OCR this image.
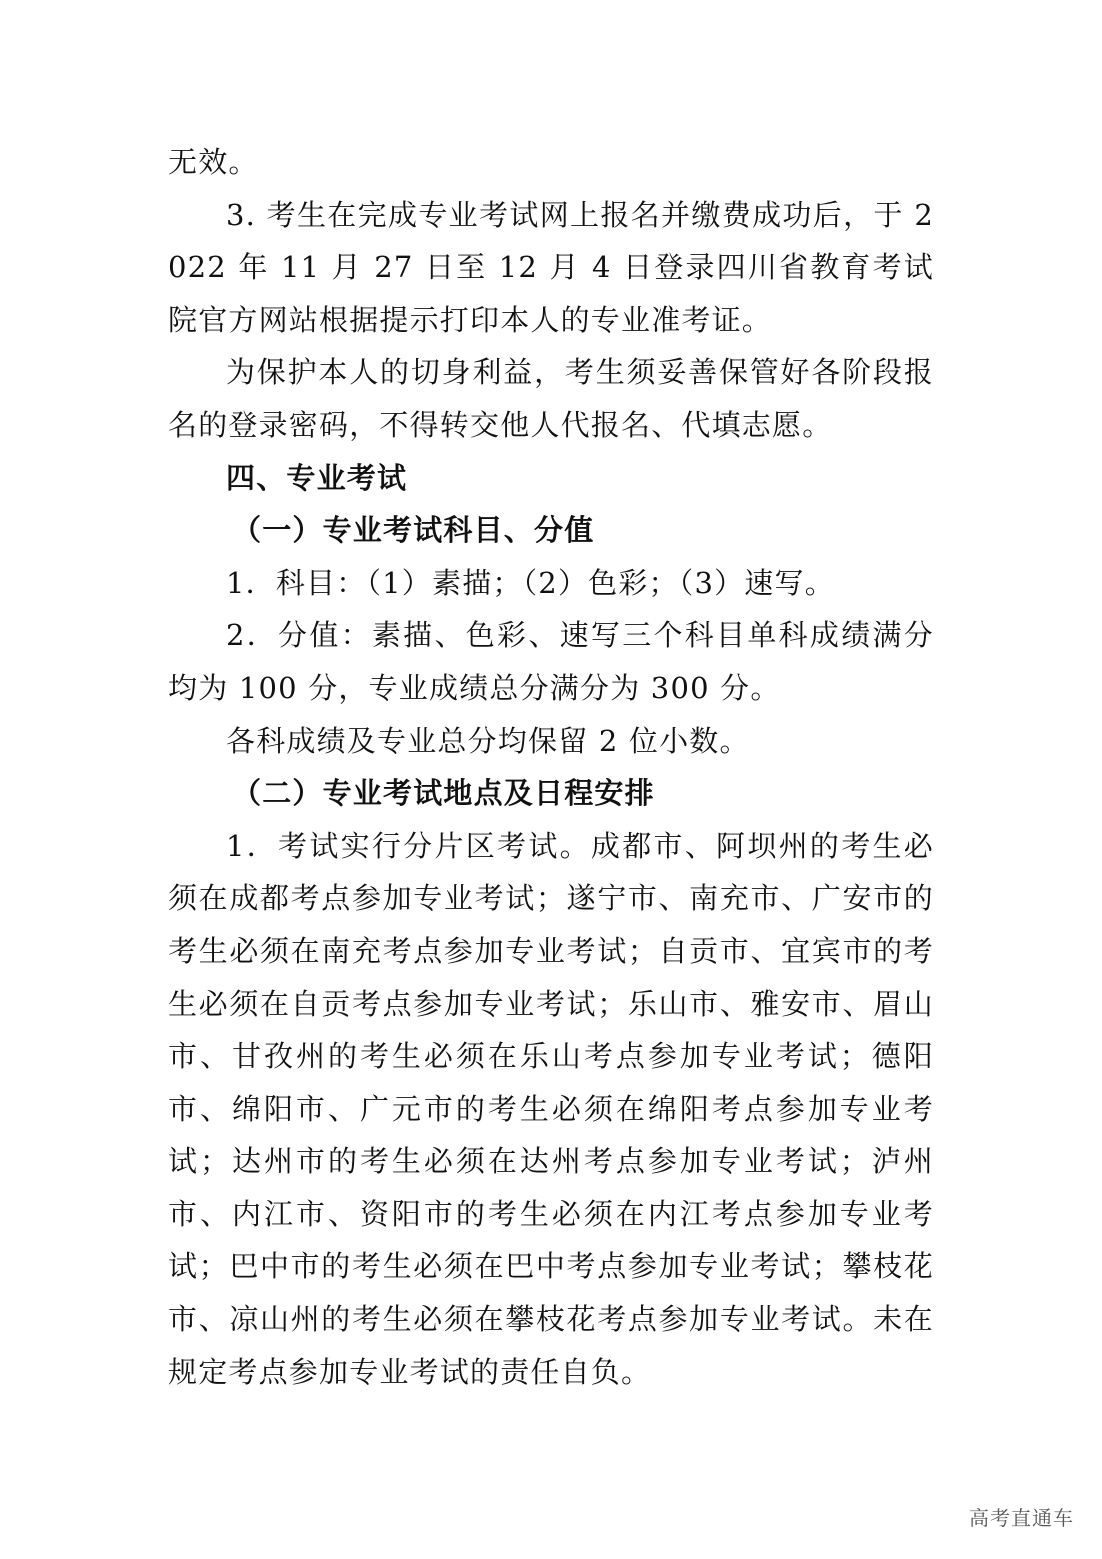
无效。

3. 考生在完成专业考试网上报名并缴费成功后，于 2022 年 11 月 27 日至 12 月 4 日登录四川省教育考试院官方网站根据提示打印本人的专业准考证。

为保护本人的切身利益，考生须妥善保管好各阶段报名的登录密码，不得转交他人代报名、代填志愿。

四、专业考试

（一）专业考试科目、分值

1．科目：（1）素描；（2）色彩；（3）速写。

2．分值：素描、色彩、速写三个科目单科成绩满分均为 100 分，专业成绩总分满分为 300 分。

各科成绩及专业总分均保留 2 位小数。

（二）专业考试地点及日程安排

1．考试实行分片区考试。成都市、阿坝州的考生必须在成都考点参加专业考试；遂宁市、南充市、广安市的考生必须在南充考点参加专业考试；自贡市、宜宾市的考生必须在自贡考点参加专业考试；乐山市、雅安市、眉山市、甘孜州的考生必须在乐山考点参加专业考试；德阳市、绵阳市、广元市的考生必须在绵阳考点参加专业考试；达州市的考生必须在达州考点参加专业考试；泸州市、内江市、资阳市的考生必须在内江考点参加专业考试；巴中市的考生必须在巴中考点参加专业考试；攀枝花市、凉山州的考生必须在攀枝花考点参加专业考试。未在规定考点参加专业考试的责任自负。

高考直通车
